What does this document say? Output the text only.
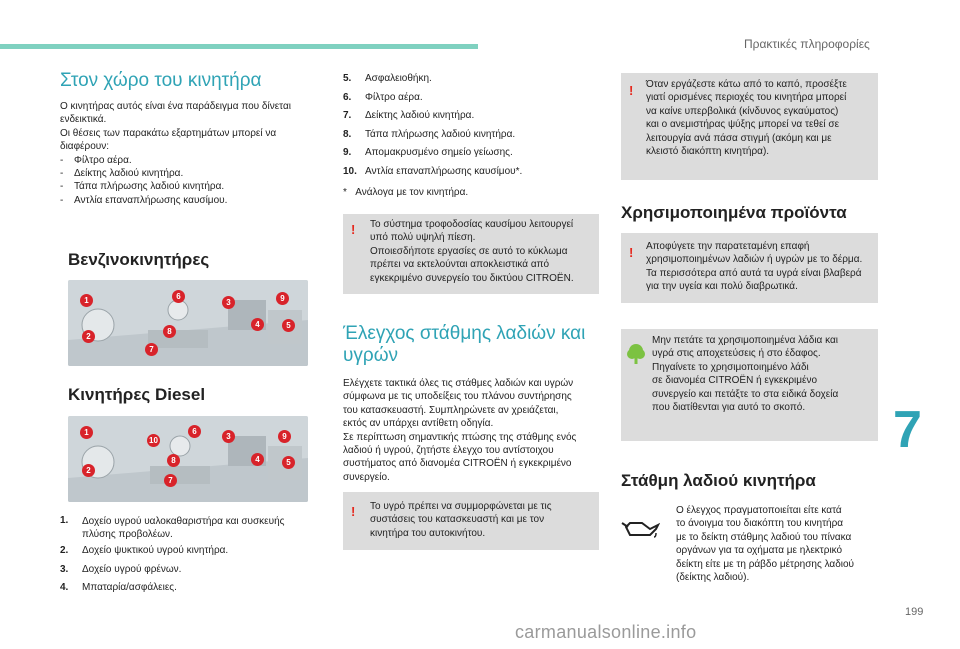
Πρακτικές πληροφορίες
Στον χώρο του κινητήρα

Ο κινητήρας αυτός είναι ένα παράδειγμα που δίνεται

ενδεικτικά.

Οι θέσεις των παρακάτω εξαρτημάτων μπορεί να

διαφέρουν:

-	Φίλτρο αέρα.
-	Δείκτης λαδιού κινητήρα.
-	Τάπα πλήρωσης λαδιού κινητήρα.
-	Αντλία επαναπλήρωσης καυσίμου.
Βενζινοκινητήρες
1	6
3	9
4	5
2
8
7
Κινητήρες Diesel
1
10
6
3	9
4	5
2
8
7
1.	Δοχείο υγρού υαλοκαθαριστήρα και συσκευής
πλύσης προβολέων.
2.	Δοχείο ψυκτικού υγρού κινητήρα.
3.	Δοχείο υγρού φρένων.
4.	Μπαταρία/ασφάλειες.
5.	Ασφαλειοθήκη.
6.	Φίλτρο αέρα.
7.	Δείκτης λαδιού κινητήρα.
8.	Τάπα πλήρωσης λαδιού κινητήρα.
9.	Απομακρυσμένο σημείο γείωσης.
10. Αντλία επαναπλήρωσης καυσίμου*.
* Ανάλογα με τον κινητήρα.
! Το σύστημα τροφοδοσίας καυσίμου λειτουργεί

υπό πολύ υψηλή πίεση.

Οποιεσδήποτε εργασίες σε αυτό το κύκλωμα

πρέπει να εκτελούνται αποκλειστικά από

εγκεκριμένο συνεργείο του δικτύου CITROËN.

Έλεγχος στάθμης λαδιών και
υγρών

Ελέγχετε τακτικά όλες τις στάθμες λαδιών και υγρών

σύμφωνα με τις υποδείξεις του πλάνου συντήρησης

του κατασκευαστή. Συμπληρώνετε αν χρειάζεται,

εκτός αν υπάρχει αντίθετη οδηγία.

Σε περίπτωση σημαντικής πτώσης της στάθμης ενός

λαδιού ή υγρού, ζητήστε έλεγχο του αντίστοιχου

συστήματος από διανομέα CITROËN ή εγκεκριμένο

συνεργείο.

! Το υγρό πρέπει να συμμορφώνεται με τις

συστάσεις του κατασκευαστή και με τον

κινητήρα του αυτοκινήτου.

! Όταν εργάζεστε κάτω από το καπό, προσέξτε

γιατί ορισμένες περιοχές του κινητήρα μπορεί

να καίνε υπερβολικά (κίνδυνος εγκαύματος)

και ο ανεμιστήρας ψύξης μπορεί να τεθεί σε

λειτουργία ανά πάσα στιγμή (ακόμη και με

κλειστό διακόπτη κινητήρα).

Χρησιμοποιημένα προϊόντα
! Αποφύγετε την παρατεταμένη επαφή

χρησιμοποιημένων λαδιών ή υγρών με το δέρμα.

Τα περισσότερα από αυτά τα υγρά είναι βλαβερά

για την υγεία και πολύ διαβρωτικά.

Μην πετάτε τα χρησιμοποιημένα λάδια και

υγρά στις αποχετεύσεις ή στο έδαφος.

Πηγαίνετε το χρησιμοποιημένο λάδι

σε διανομέα CITROËN ή εγκεκριμένο

συνεργείο και πετάξτε το στα ειδικά δοχεία

που διατίθενται για αυτό το σκοπό.

Στάθμη λαδιού κινητήρα

Ο έλεγχος πραγματοποιείται είτε κατά

το άνοιγμα του διακόπτη του κινητήρα

με το δείκτη στάθμης λαδιού του πίνακα

οργάνων για τα οχήματα με ηλεκτρικό

δείκτη είτε με τη ράβδο μέτρησης λαδιού

(δείκτης λαδιού).

7
199
carmanualsonline.info
